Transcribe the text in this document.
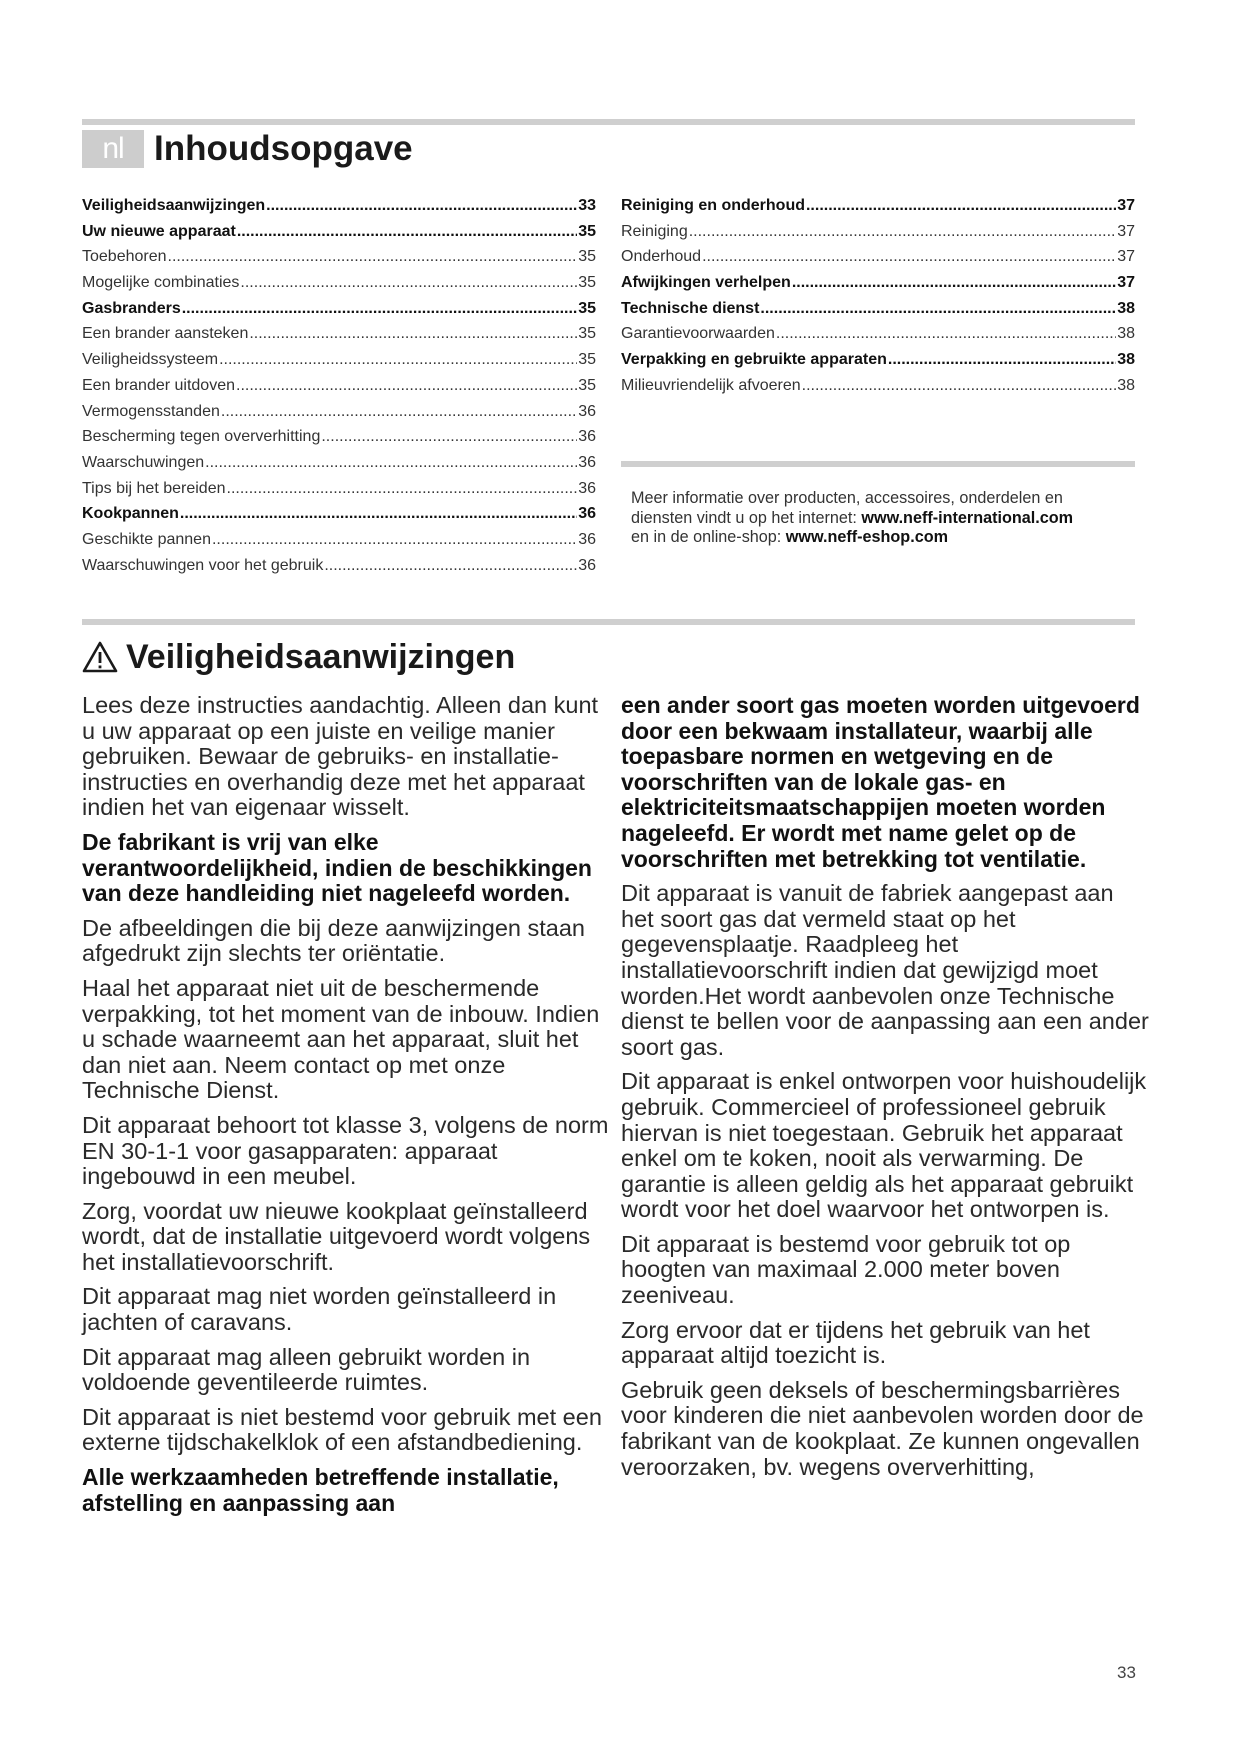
nl Inhoudsopgave
Veiligheidsaanwijzingen .....	33
Uw nieuwe apparaat .....	35
Toebehoren .....	35
Mogelijke combinaties .....	35
Gasbranders .....	35
Een brander aansteken .....	35
Veiligheidssysteem .....	35
Een brander uitdoven .....	35
Vermogensstanden .....	36
Bescherming tegen oververhitting .....	36
Waarschuwingen .....	36
Tips bij het bereiden .....	36
Kookpannen .....	36
Geschikte pannen .....	36
Waarschuwingen voor het gebruik .....	36
Reiniging en onderhoud .....	37
Reiniging .....	37
Onderhoud .....	37
Afwijkingen verhelpen .....	37
Technische dienst .....	38
Garantievoorwaarden .....	38
Verpakking en gebruikte apparaten .....	38
Milieuvriendelijk afvoeren .....	38
Meer informatie over producten, accessoires, onderdelen en
diensten vindt u op het internet: www.neff-international.com
en in de online-shop: www.neff-eshop.com
Veiligheidsaanwijzingen

Lees deze instructies aandachtig. Alleen dan kunt u uw apparaat op een juiste en veilige manier gebruiken. Bewaar de gebruiks- en installatie-instructies en overhandig deze met het apparaat indien het van eigenaar wisselt.

De fabrikant is vrij van elke verantwoordelijkheid, indien de beschikkingen van deze handleiding niet nageleefd worden.

De afbeeldingen die bij deze aanwijzingen staan afgedrukt zijn slechts ter oriëntatie.

Haal het apparaat niet uit de beschermende verpakking, tot het moment van de inbouw. Indien u schade waarneemt aan het apparaat, sluit het dan niet aan. Neem contact op met onze Technische Dienst.

Dit apparaat behoort tot klasse 3, volgens de norm EN 30-1-1 voor gasapparaten: apparaat ingebouwd in een meubel.

Zorg, voordat uw nieuwe kookplaat geïnstalleerd wordt, dat de installatie uitgevoerd wordt volgens het installatievoorschrift.

Dit apparaat mag niet worden geïnstalleerd in jachten of caravans.

Dit apparaat mag alleen gebruikt worden in voldoende geventileerde ruimtes.

Dit apparaat is niet bestemd voor gebruik met een externe tijdschakelklok of een afstandbediening.

Alle werkzaamheden betreffende installatie, afstelling en aanpassing aan

een ander soort gas moeten worden uitgevoerd door een bekwaam installateur, waarbij alle toepasbare normen en wetgeving en de voorschriften van de lokale gas- en elektriciteitsmaatschappijen moeten worden nageleefd. Er wordt met name gelet op de voorschriften met betrekking tot ventilatie.

Dit apparaat is vanuit de fabriek aangepast aan het soort gas dat vermeld staat op het gegevensplaatje. Raadpleeg het installatievoorschrift indien dat gewijzigd moet worden.Het wordt aanbevolen onze Technische dienst te bellen voor de aanpassing aan een ander soort gas.

Dit apparaat is enkel ontworpen voor huishoudelijk gebruik. Commercieel of professioneel gebruik hiervan is niet toegestaan. Gebruik het apparaat enkel om te koken, nooit als verwarming. De garantie is alleen geldig als het apparaat gebruikt wordt voor het doel waarvoor het ontworpen is.

Dit apparaat is bestemd voor gebruik tot op hoogten van maximaal 2.000 meter boven zeeniveau.

Zorg ervoor dat er tijdens het gebruik van het apparaat altijd toezicht is.

Gebruik geen deksels of beschermingsbarrières voor kinderen die niet aanbevolen worden door de fabrikant van de kookplaat. Ze kunnen ongevallen veroorzaken, bv. wegens oververhitting,

33
